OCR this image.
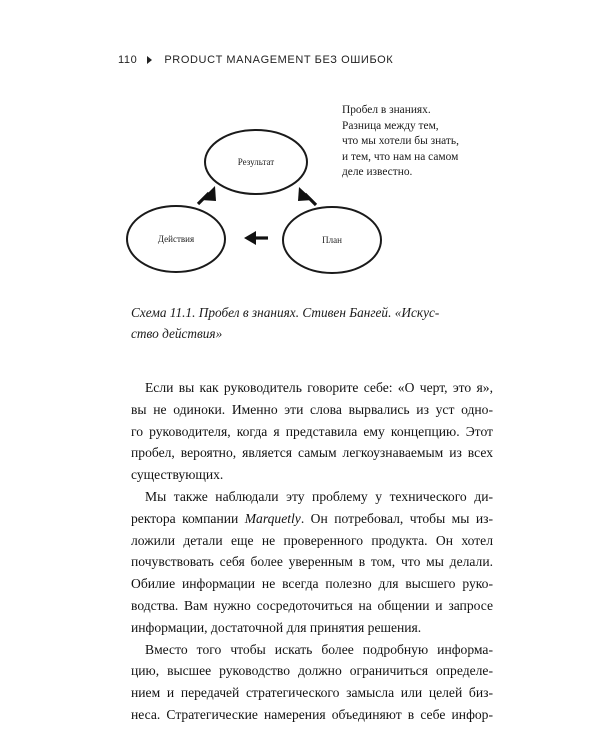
110 PRODUCT MANAGEMENT БЕЗ ОШИБОК
Результат
Действия	План
Пробел в знаниях.
Разница между тем,
что мы хотели бы знать,
и тем, что нам на самом
деле известно.
Схема 11.1. Пробел в знаниях. Стивен Бангей. «Искус-
ство действия»
Если вы как руководитель говорите себе: «О черт, это я»,
вы не одиноки. Именно эти слова вырвались из уст одно-
го руководителя, когда я представила ему концепцию. Этот
пробел, вероятно, является самым легкоузнаваемым из всех
существующих.
Мы также наблюдали эту проблему у технического ди-
ректора компании Marquetly. Он потребовал, чтобы мы из-
ложили детали еще не проверенного продукта. Он хотел
почувствовать себя более уверенным в том, что мы делали.
Обилие информации не всегда полезно для высшего руко-
водства. Вам нужно сосредоточиться на общении и запросе
информации, достаточной для принятия решения.
Вместо того чтобы искать более подробную информа-
цию, высшее руководство должно ограничиться определе-
нием и передачей стратегического замысла или целей биз-
неса. Стратегические намерения объединяют в себе инфор-
